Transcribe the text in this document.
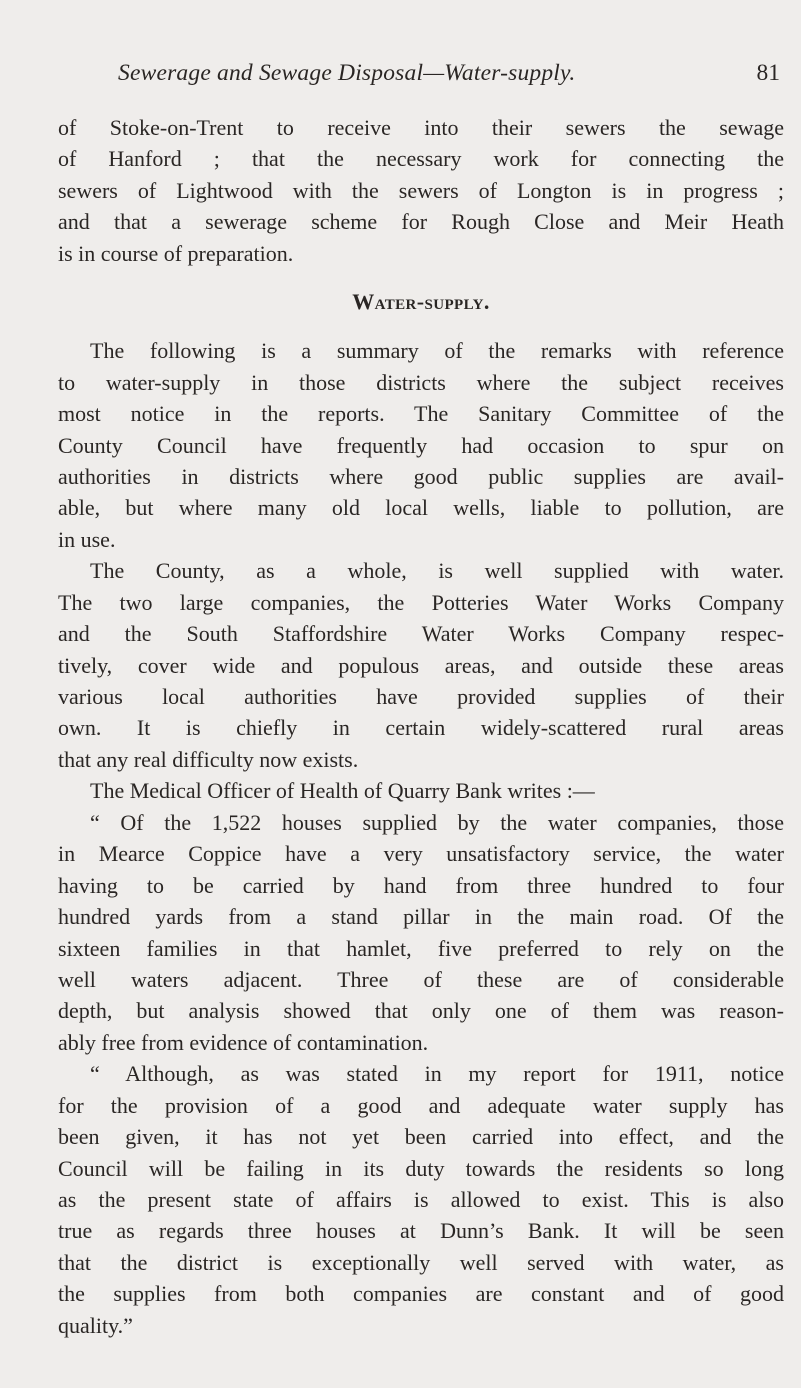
Sewerage and Sewage Disposal—Water-supply.	81

of Stoke-on-Trent to receive into their sewers the sewage
of Hanford ; that the necessary work for connecting the
sewers of Lightwood with the sewers of Longton is in progress ;
and that a sewerage scheme for Rough Close and Meir Heath
is in course of preparation.

Water-supply.

The following is a summary of the remarks with reference
to water-supply in those districts where the subject receives
most notice in the reports. The Sanitary Committee of the
County Council have frequently had occasion to spur on
authorities in districts where good public supplies are avail-
able, but where many old local wells, liable to pollution, are
in use.

The County, as a whole, is well supplied with water.
The two large companies, the Potteries Water Works Company
and the South Staffordshire Water Works Company respec-
tively, cover wide and populous areas, and outside these areas
various local authorities have provided supplies of their
own. It is chiefly in certain widely-scattered rural areas
that any real difficulty now exists.

The Medical Officer of Health of Quarry Bank writes :—

“ Of the 1,522 houses supplied by the water companies, those
in Mearce Coppice have a very unsatisfactory service, the water
having to be carried by hand from three hundred to four
hundred yards from a stand pillar in the main road. Of the
sixteen families in that hamlet, five preferred to rely on the
well waters adjacent. Three of these are of considerable
depth, but analysis showed that only one of them was reason-
ably free from evidence of contamination.

“ Although, as was stated in my report for 1911, notice
for the provision of a good and adequate water supply has
been given, it has not yet been carried into effect, and the
Council will be failing in its duty towards the residents so long
as the present state of affairs is allowed to exist. This is also
true as regards three houses at Dunn’s Bank. It will be seen
that the district is exceptionally well served with water, as
the supplies from both companies are constant and of good
quality.”
